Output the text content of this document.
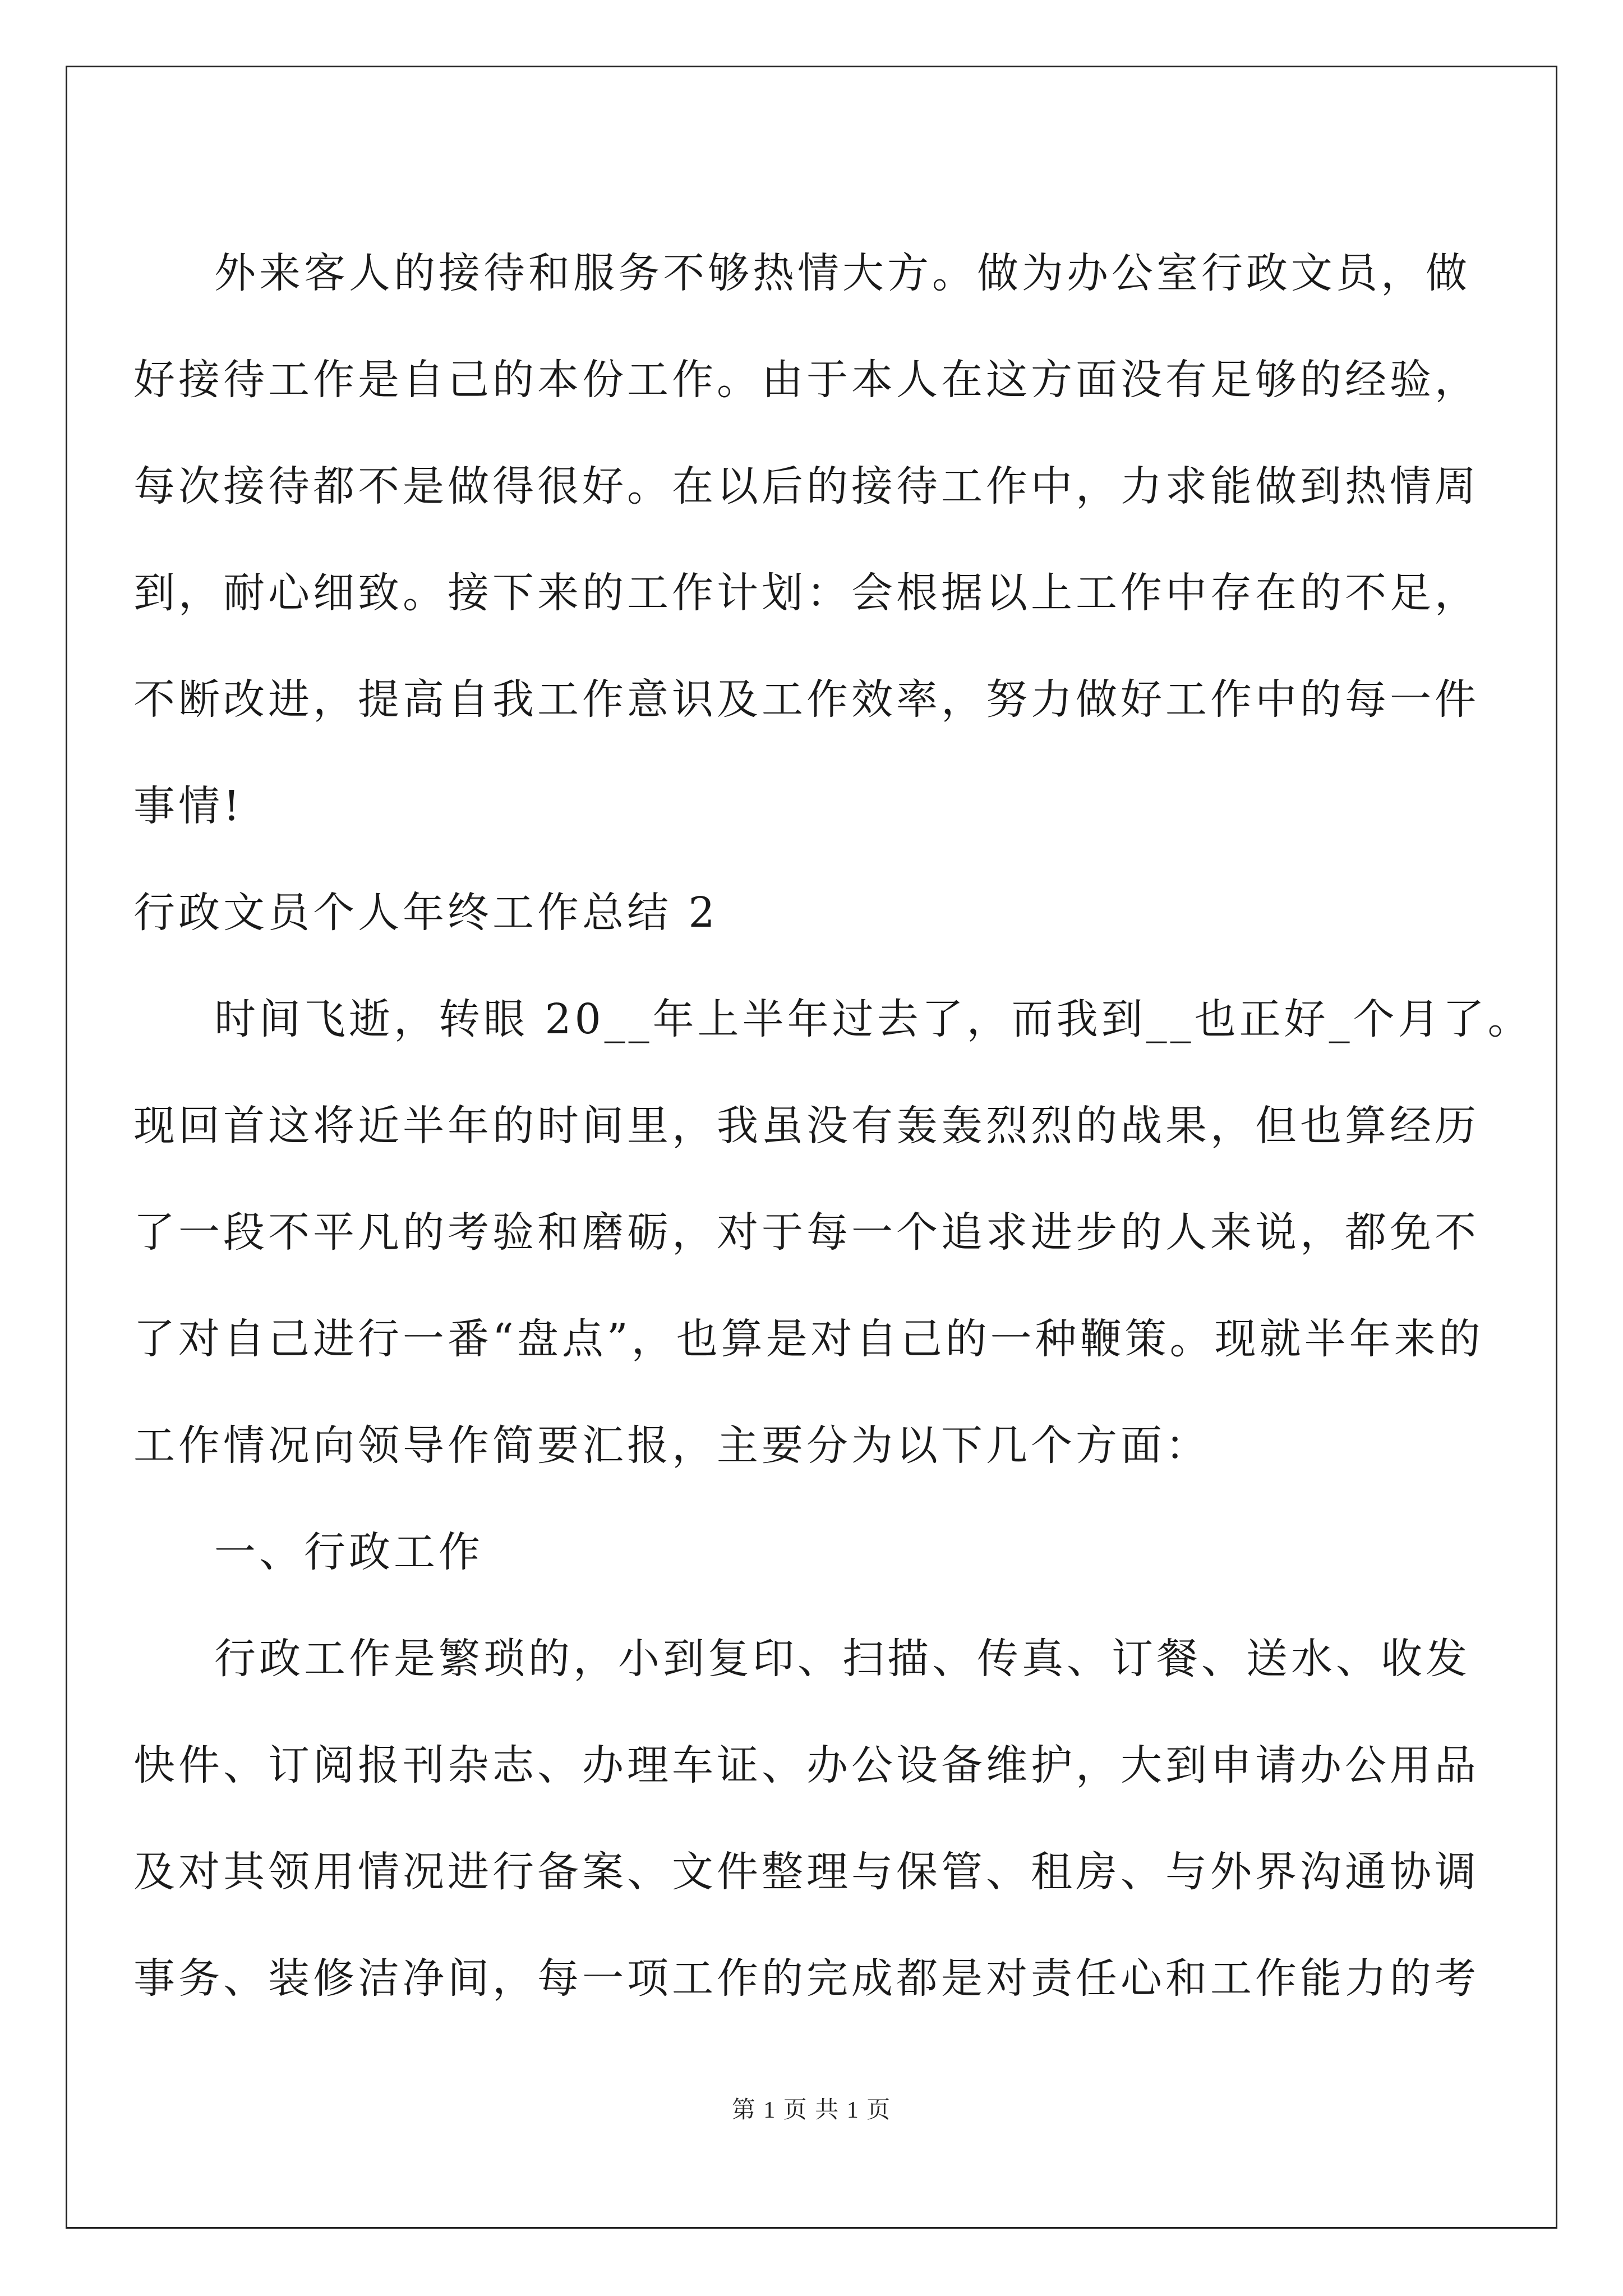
外来客人的接待和服务不够热情大方。做为办公室行政文员，做
好接待工作是自己的本份工作。由于本人在这方面没有足够的经验，
每次接待都不是做得很好。在以后的接待工作中，力求能做到热情周
到，耐心细致。接下来的工作计划：会根据以上工作中存在的不足，
不断改进，提高自我工作意识及工作效率，努力做好工作中的每一件
事情!
行政文员个人年终工作总结 2
时间飞逝，转眼 20__年上半年过去了，而我到__也正好_个月了。
现回首这将近半年的时间里，我虽没有轰轰烈烈的战果，但也算经历
了一段不平凡的考验和磨砺，对于每一个追求进步的人来说，都免不
了对自己进行一番“盘点”，也算是对自己的一种鞭策。现就半年来的
工作情况向领导作简要汇报，主要分为以下几个方面：
一、行政工作
行政工作是繁琐的，小到复印、扫描、传真、订餐、送水、收发
快件、订阅报刊杂志、办理车证、办公设备维护，大到申请办公用品
及对其领用情况进行备案、文件整理与保管、租房、与外界沟通协调
事务、装修洁净间，每一项工作的完成都是对责任心和工作能力的考
第 1 页 共 1 页
